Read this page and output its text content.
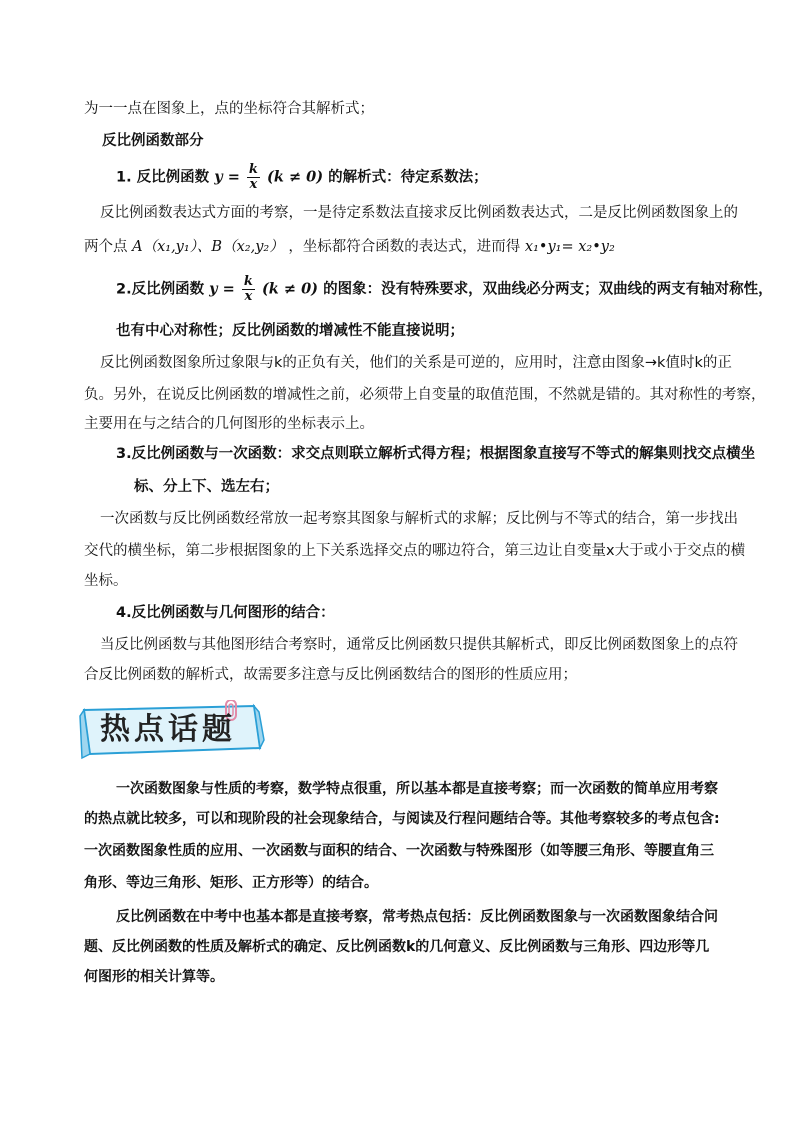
为一一点在图象上，点的坐标符合其解析式；
反比例函数部分
1. 反比例函数 $y = \frac{k}{x} (k \ne 0)$ 的解析式：待定系数法；
反比例函数表达式方面的考察，一是待定系数法直接求反比例函数表达式，二是反比例函数图象上的
两个点 A（x₁,y₁）、B（x₂,y₂） ，坐标都符合函数的表达式，进而得 x₁•y₁= x₂•y₂
2.反比例函数 $y = \frac{k}{x} (k \ne 0)$ 的图象：没有特殊要求，双曲线必分两支；双曲线的两支有轴对称性，
也有中心对称性；反比例函数的增减性不能直接说明；
反比例函数图象所过象限与k的正负有关，他们的关系是可逆的，应用时，注意由图象→k值时k的正
负。另外，在说反比例函数的增减性之前，必须带上自变量的取值范围，不然就是错的。其对称性的考察，
主要用在与之结合的几何图形的坐标表示上。
3.反比例函数与一次函数：求交点则联立解析式得方程；根据图象直接写不等式的解集则找交点横坐
标、分上下、选左右；
一次函数与反比例函数经常放一起考察其图象与解析式的求解；反比例与不等式的结合，第一步找出
交代的横坐标，第二步根据图象的上下关系选择交点的哪边符合，第三边让自变量x大于或小于交点的横
坐标。
4.反比例函数与几何图形的结合：
当反比例函数与其他图形结合考察时，通常反比例函数只提供其解析式，即反比例函数图象上的点符
合反比例函数的解析式，故需要多注意与反比例函数结合的图形的性质应用；
热点话题
一次函数图象与性质的考察，数学特点很重，所以基本都是直接考察；而一次函数的简单应用考察
的热点就比较多，可以和现阶段的社会现象结合，与阅读及行程问题结合等。其他考察较多的考点包含:
一次函数图象性质的应用、一次函数与面积的结合、一次函数与特殊图形（如等腰三角形、等腰直角三
角形、等边三角形、矩形、正方形等）的结合。
反比例函数在中考中也基本都是直接考察，常考热点包括：反比例函数图象与一次函数图象结合问
题、反比例函数的性质及解析式的确定、反比例函数k的几何意义、反比例函数与三角形、四边形等几
何图形的相关计算等。
